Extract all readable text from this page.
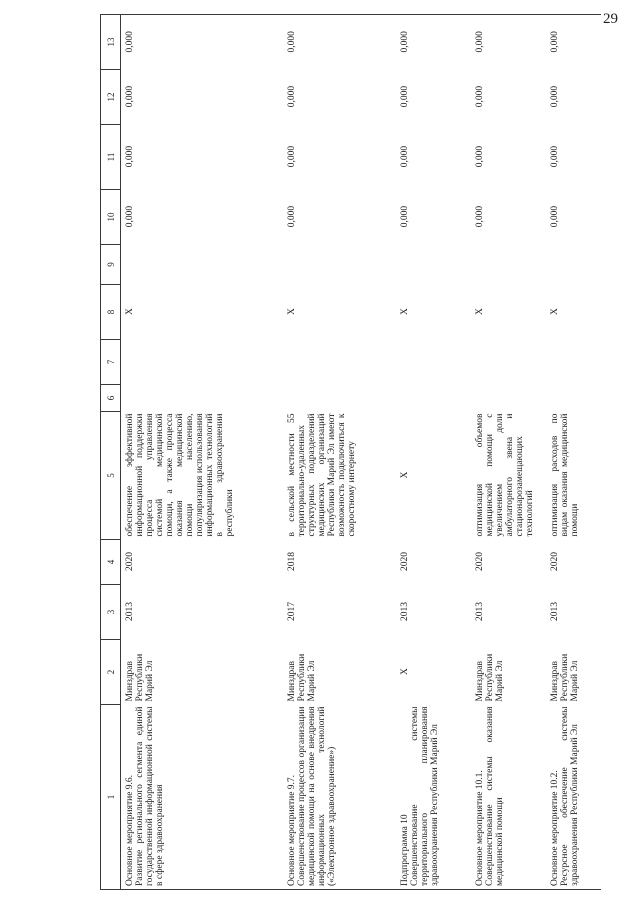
29
1	2	3	4	5	6	7	8	9	10	11	12	13
Основное мероприятие 9.6.
Развитие регионального сегмента единой государственной информационной системы в сфере здравоохранения	Минздрав Республики Марий Эл	2013	2020	обеспечение эффективной информационной поддержки процесса управления системой медицинской помощи, а также процесса оказания медицинской помощи населению, популяризация использования информационных технологий в здравоохранении республики			X		0,000	0,000	0,000	0,000
Основное мероприятие 9.7.
Совершенствование процессов организации медицинской помощи на основе внедрения информационных технологий («Электронное здравоохранение»)	Минздрав Республики Марий Эл	2017	2018	в сельской местности 55 территориально-удаленных структурных подразделений медицинских организаций Республики Марий Эл имеют возможность подключиться к скоростному интернету			X		0,000	0,000	0,000	0,000
Подпрограмма 10
Совершенствование системы территориального планирования здравоохранения Республики Марий Эл	X	2013	2020	X			X		0,000	0,000	0,000	0,000
Основное мероприятие 10.1.
Совершенствование системы оказания медицинской помощи	Минздрав Республики Марий Эл	2013	2020	оптимизация объемов медицинской помощи с увеличением доли амбулаторного звена и стационарозамещающих технологий			X		0,000	0,000	0,000	0,000
Основное мероприятие 10.2.
Ресурсное обеспечение системы здравоохранения Республики Марий Эл	Минздрав Республики Марий Эл	2013	2020	оптимизация расходов по видам оказания медицинской помощи			X		0,000	0,000	0,000	0,000
